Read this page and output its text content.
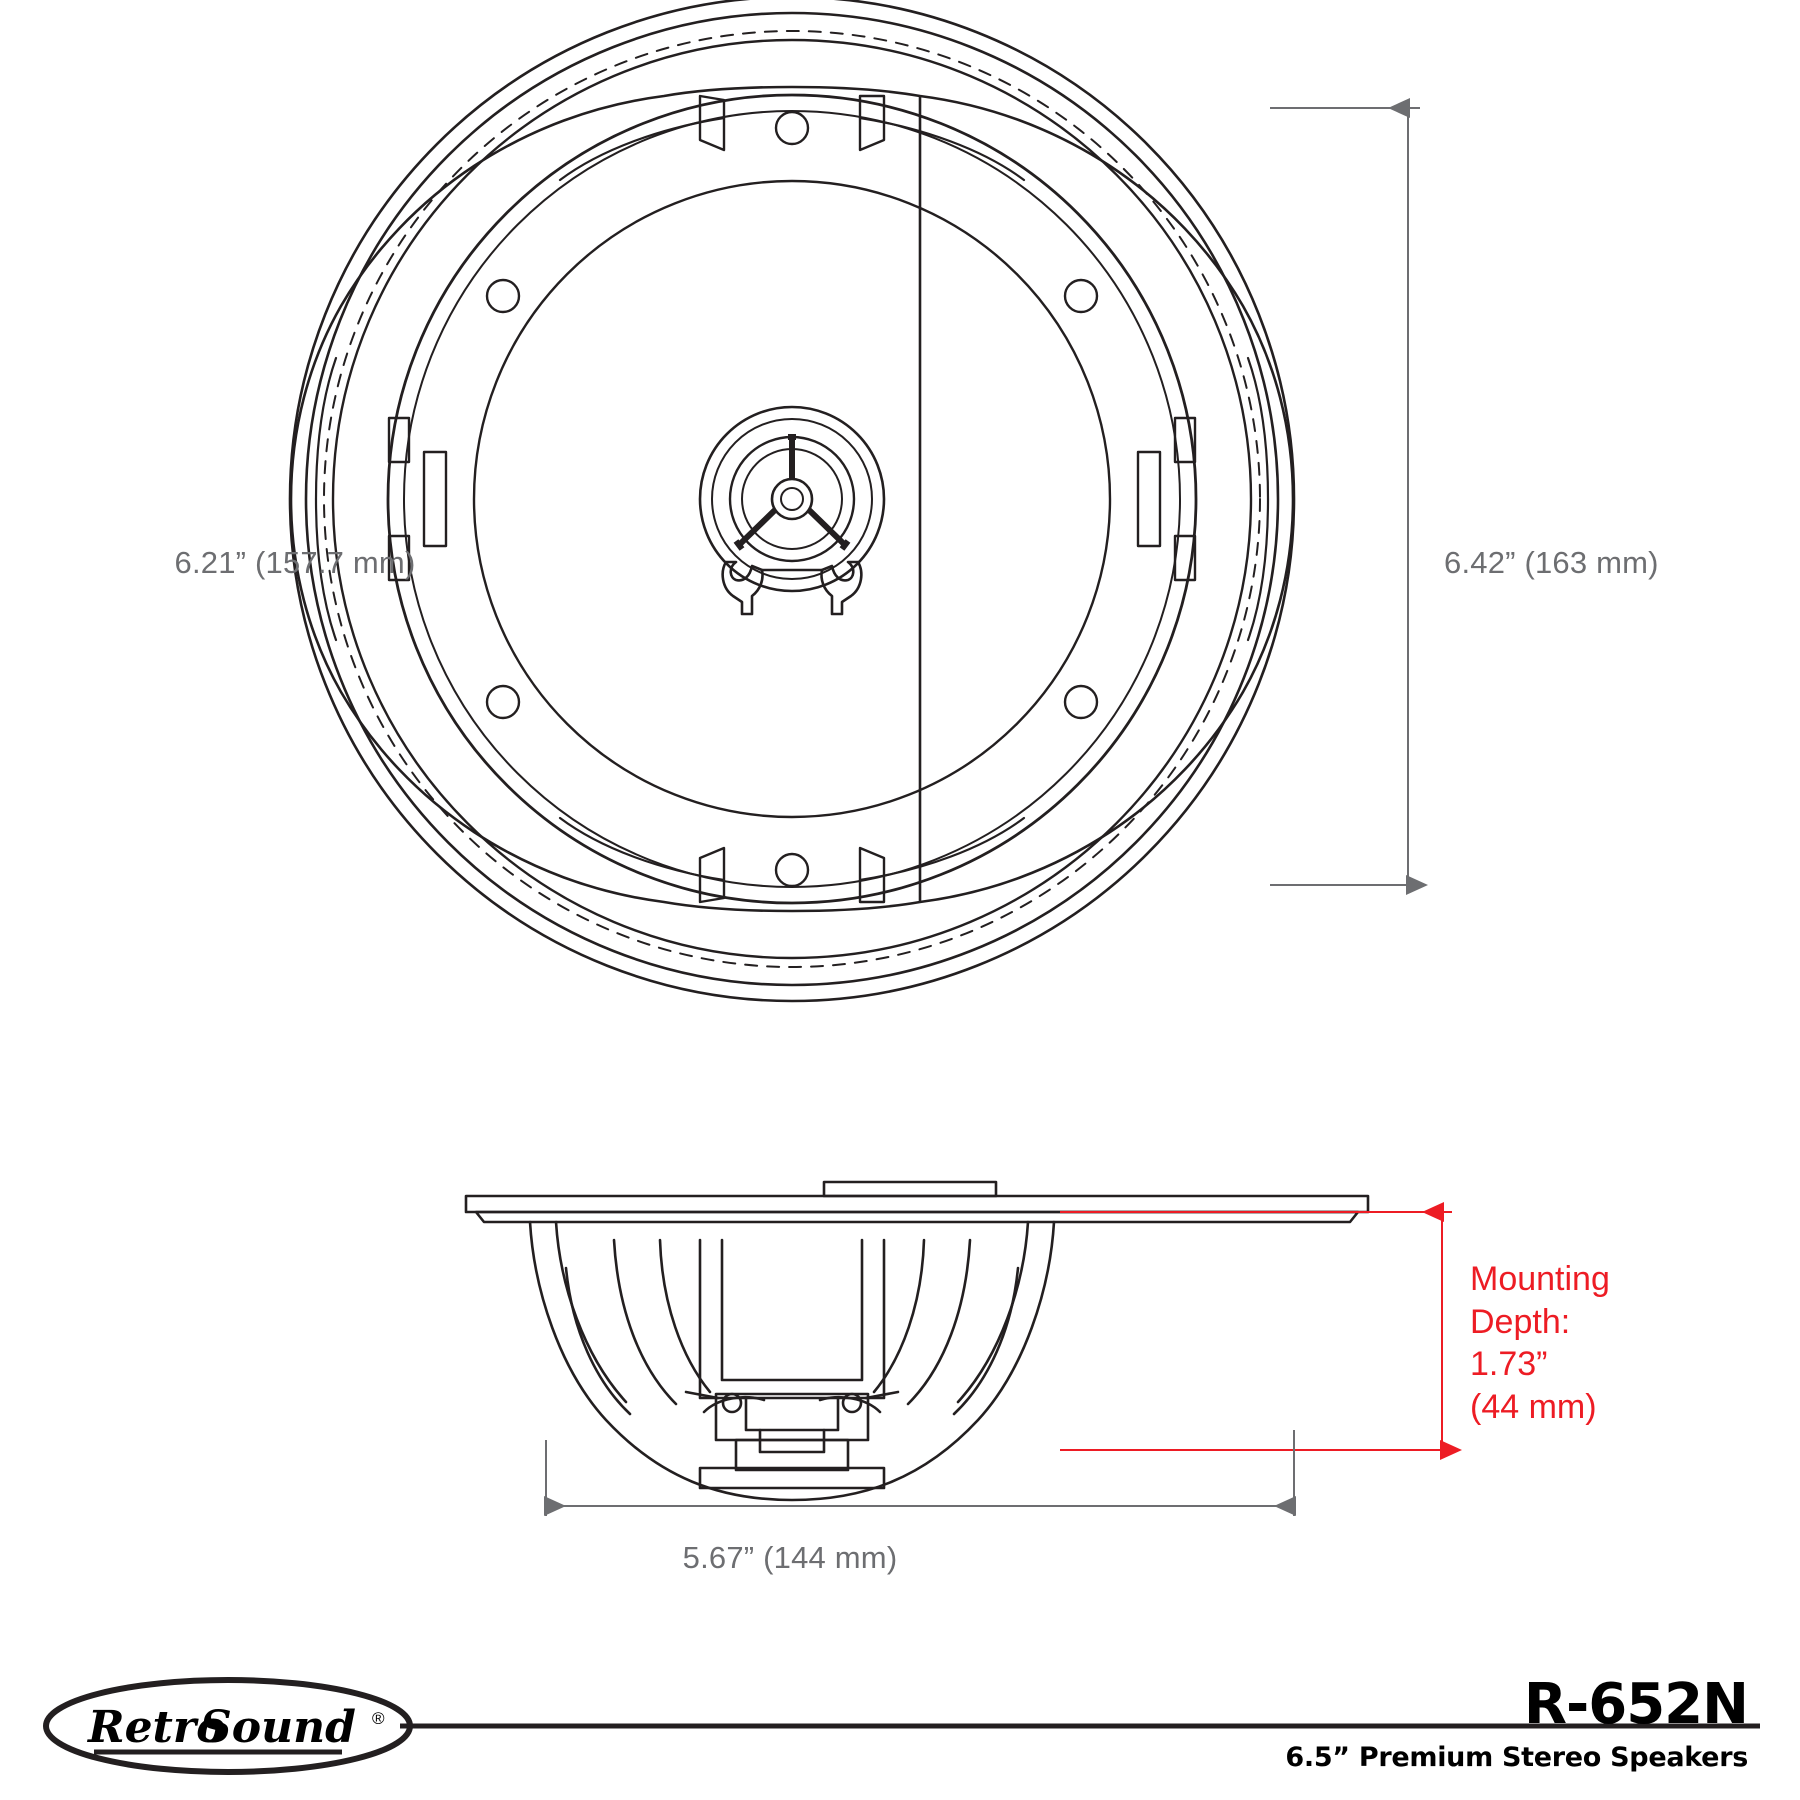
6.21” (157.7 mm)	6.42” (163 mm)
5.67” (144 mm)
Mounting
Depth:
1.73”
(44 mm)
Retro
Sound ®	R-652N
6.5” Premium Stereo Speakers
